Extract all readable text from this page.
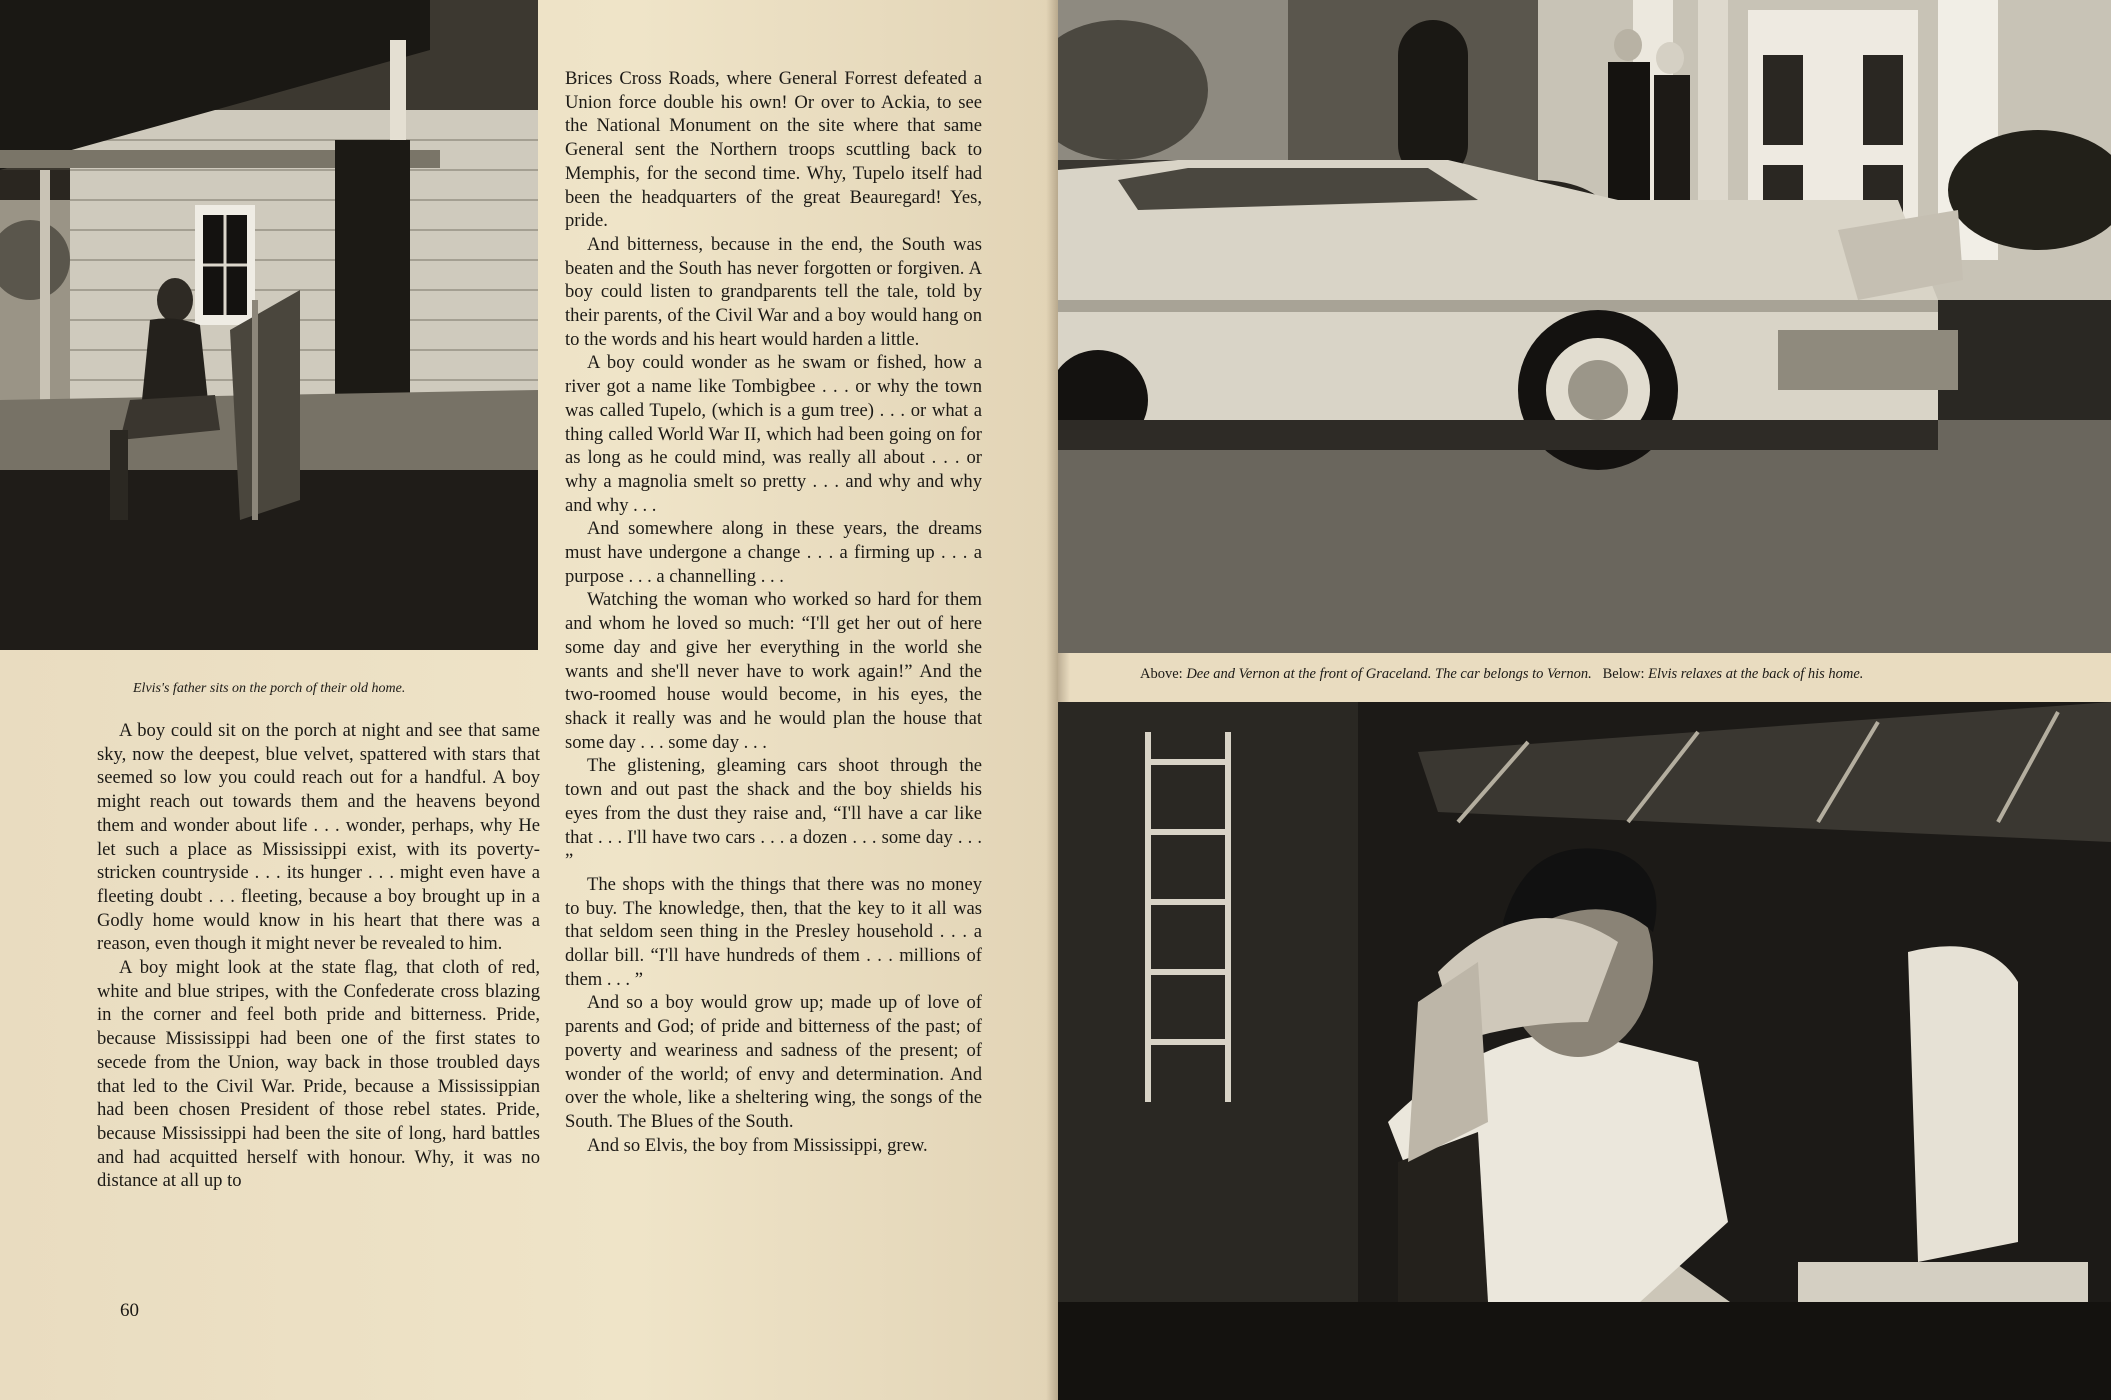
Elvis's father sits on the porch of their old home.

A boy could sit on the porch at night and see that same sky, now the deepest, blue velvet, spattered with stars that seemed so low you could reach out for a handful. A boy might reach out towards them and the heavens beyond them and wonder about life . . . wonder, perhaps, why He let such a place as Mississippi exist, with its poverty-stricken countryside . . . its hunger . . . might even have a fleeting doubt . . . fleeting, because a boy brought up in a Godly home would know in his heart that there was a reason, even though it might never be revealed to him.

A boy might look at the state flag, that cloth of red, white and blue stripes, with the Confederate cross blazing in the corner and feel both pride and bitterness. Pride, because Mississippi had been one of the first states to secede from the Union, way back in those troubled days that led to the Civil War. Pride, because a Mississippian had been chosen President of those rebel states. Pride, because Mississippi had been the site of long, hard battles and had acquitted herself with honour. Why, it was no distance at all up to

Brices Cross Roads, where General Forrest defeated a Union force double his own! Or over to Ackia, to see the National Monument on the site where that same General sent the Northern troops scuttling back to Memphis, for the second time. Why, Tupelo itself had been the headquarters of the great Beauregard! Yes, pride.

And bitterness, because in the end, the South was beaten and the South has never forgotten or forgiven. A boy could listen to grandparents tell the tale, told by their parents, of the Civil War and a boy would hang on to the words and his heart would harden a little.

A boy could wonder as he swam or fished, how a river got a name like Tombigbee . . . or why the town was called Tupelo, (which is a gum tree) . . . or what a thing called World War II, which had been going on for as long as he could mind, was really all about . . . or why a magnolia smelt so pretty . . . and why and why and why . . .

And somewhere along in these years, the dreams must have undergone a change . . . a firming up . . . a purpose . . . a channelling . . .

Watching the woman who worked so hard for them and whom he loved so much: “I'll get her out of here some day and give her everything in the world she wants and she'll never have to work again!” And the two-roomed house would become, in his eyes, the shack it really was and he would plan the house that some day . . . some day . . .

The glistening, gleaming cars shoot through the town and out past the shack and the boy shields his eyes from the dust they raise and, “I'll have a car like that . . . I'll have two cars . . . a dozen . . . some day . . . ”

The shops with the things that there was no money to buy. The knowledge, then, that the key to it all was that seldom seen thing in the Presley household . . . a dollar bill. “I'll have hundreds of them . . . millions of them . . . ”

And so a boy would grow up; made up of love of parents and God; of pride and bitterness of the past; of poverty and weariness and sadness of the present; of wonder of the world; of envy and determination. And over the whole, like a sheltering wing, the songs of the South. The Blues of the South.

And so Elvis, the boy from Mississippi, grew.

60
Above: Dee and Vernon at the front of Graceland. The car belongs to Vernon. Below: Elvis relaxes at the back of his home.
